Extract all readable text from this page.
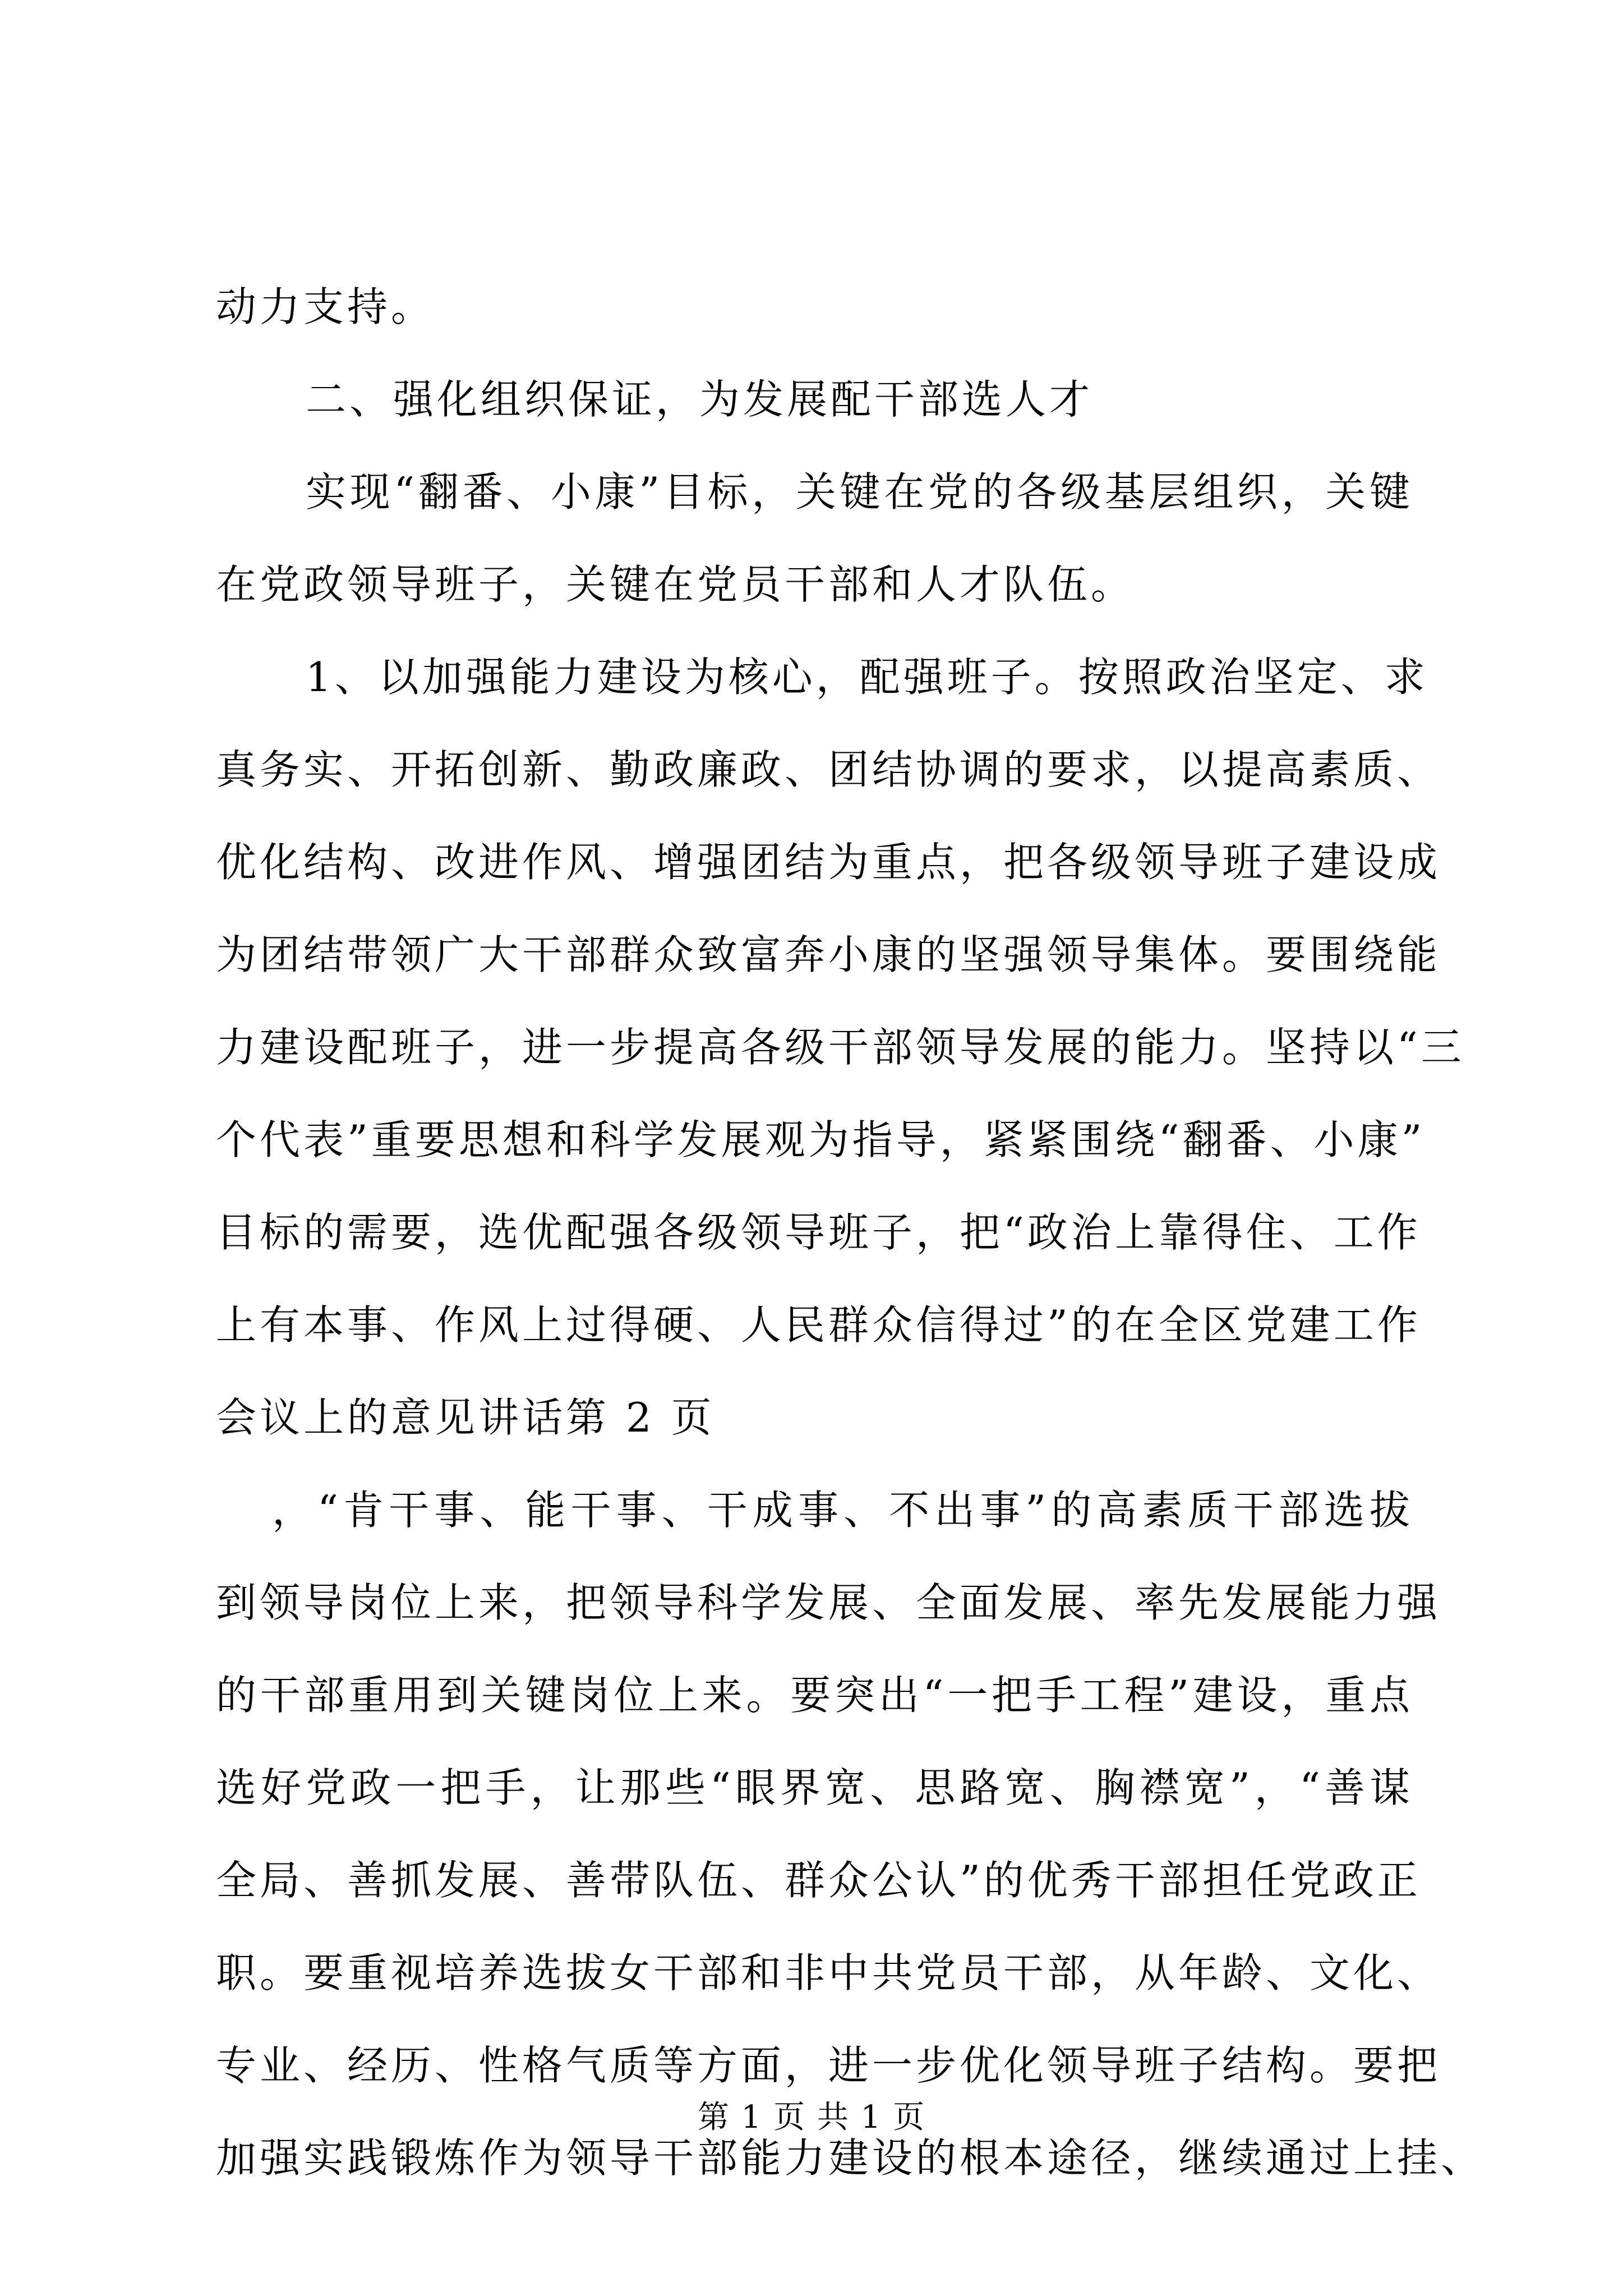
动力支持。
二、强化组织保证，为发展配干部选人才
实现“翻番、小康”目标，关键在党的各级基层组织，关键
在党政领导班子，关键在党员干部和人才队伍。
1、以加强能力建设为核心，配强班子。按照政治坚定、求
真务实、开拓创新、勤政廉政、团结协调的要求，以提高素质、
优化结构、改进作风、增强团结为重点，把各级领导班子建设成
为团结带领广大干部群众致富奔小康的坚强领导集体。要围绕能
力建设配班子，进一步提高各级干部领导发展的能力。坚持以“三
个代表”重要思想和科学发展观为指导，紧紧围绕“翻番、小康”
目标的需要，选优配强各级领导班子，把“政治上靠得住、工作
上有本事、作风上过得硬、人民群众信得过”的在全区党建工作
会议上的意见讲话第 2 页
，“肯干事、能干事、干成事、不出事”的高素质干部选拔
到领导岗位上来，把领导科学发展、全面发展、率先发展能力强
的干部重用到关键岗位上来。要突出“一把手工程”建设，重点
选好党政一把手，让那些“眼界宽、思路宽、胸襟宽”，“善谋
全局、善抓发展、善带队伍、群众公认”的优秀干部担任党政正
职。要重视培养选拔女干部和非中共党员干部，从年龄、文化、
专业、经历、性格气质等方面，进一步优化领导班子结构。要把
加强实践锻炼作为领导干部能力建设的根本途径，继续通过上挂、
第 1 页 共 1 页
